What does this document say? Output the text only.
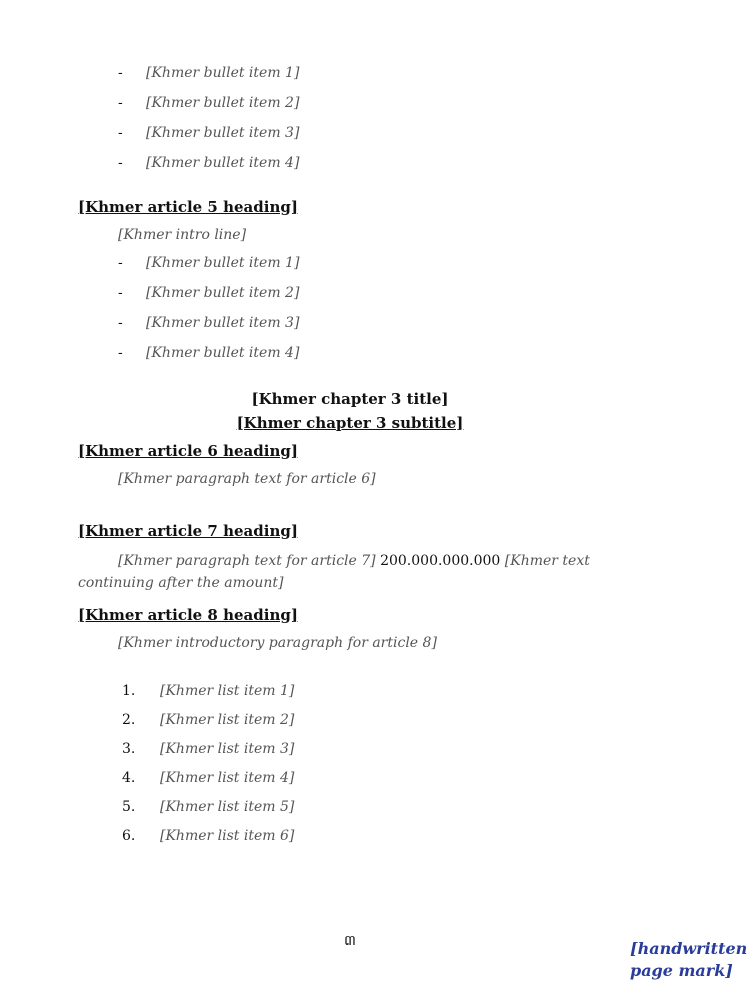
- [Khmer bullet item 1]
- [Khmer bullet item 2]
- [Khmer bullet item 3]
- [Khmer bullet item 4]
[Khmer article 5 heading]
[Khmer intro line]
- [Khmer bullet item 1]
- [Khmer bullet item 2]
- [Khmer bullet item 3]
- [Khmer bullet item 4]
[Khmer chapter 3 title]
[Khmer chapter 3 subtitle]
[Khmer article 6 heading]
[Khmer paragraph text for article 6]
[Khmer article 7 heading]
[Khmer paragraph text for article 7] 200.000.000.000 [Khmer text continuing after the amount]
[Khmer article 8 heading]
[Khmer introductory paragraph for article 8]
1. [Khmer list item 1]
2. [Khmer list item 2]
3. [Khmer list item 3]
4. [Khmer list item 4]
5. [Khmer list item 5]
6. [Khmer list item 6]
៣	[handwritten page mark]
